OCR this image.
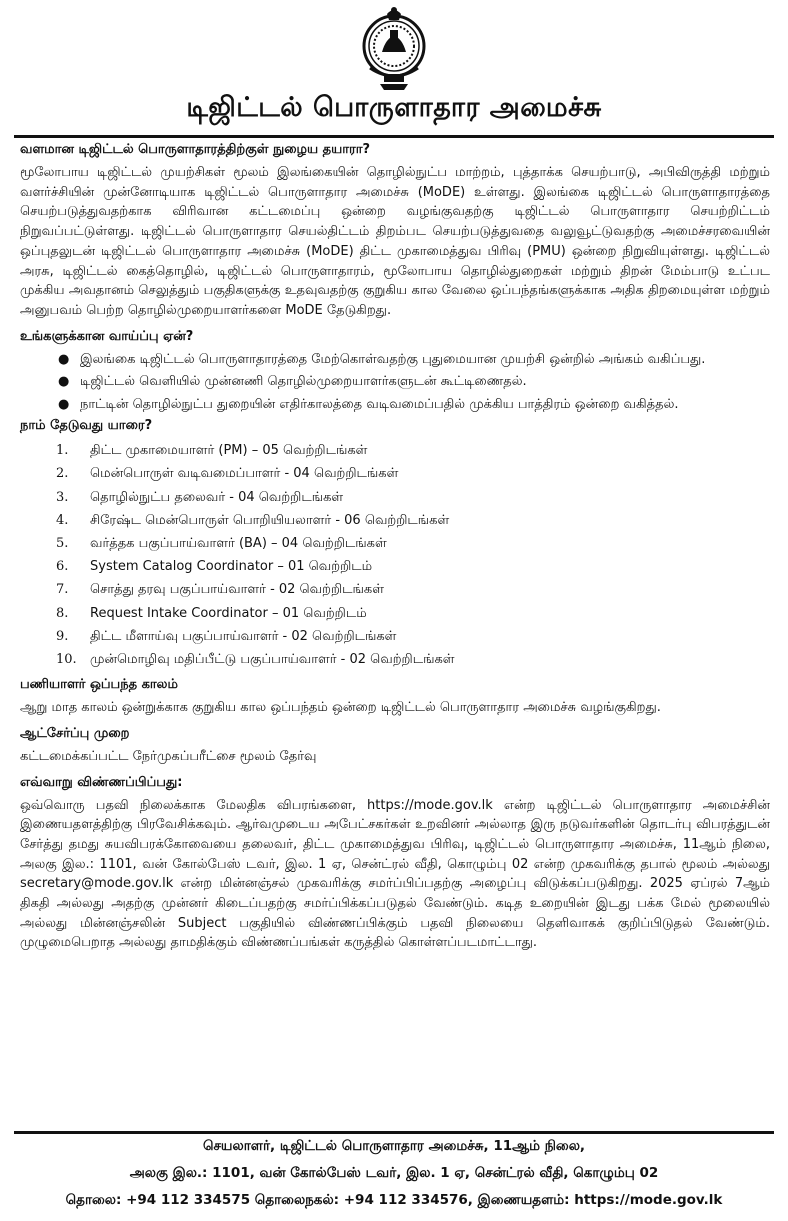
டிஜிட்டல் பொருளாதார அமைச்சு
வளமான டிஜிட்டல் பொருளாதாரத்திற்குள் நுழைய தயாரா?

மூலோபாய டிஜிட்டல் முயற்சிகள் மூலம் இலங்கையின் தொழில்நுட்ப மாற்றம், புத்தாக்க செயற்பாடு, அபிவிருத்தி மற்றும் வளர்ச்சியின் முன்னோடியாக டிஜிட்டல் பொருளாதார அமைச்சு (MoDE) உள்ளது. இலங்கை டிஜிட்டல் பொருளாதாரத்தை செயற்படுத்துவதற்காக விரிவான கட்டமைப்பு ஒன்றை வழங்குவதற்கு டிஜிட்டல் பொருளாதார செயற்றிட்டம் நிறுவப்பட்டுள்ளது. டிஜிட்டல் பொருளாதார செயல்திட்டம் திறம்பட செயற்படுத்துவதை வலுவூட்டுவதற்கு அமைச்சரவையின் ஒப்புதலுடன் டிஜிட்டல் பொருளாதார அமைச்சு (MoDE) திட்ட முகாமைத்துவ பிரிவு (PMU) ஒன்றை நிறுவியுள்ளது. டிஜிட்டல் அரசு, டிஜிட்டல் கைத்தொழில், டிஜிட்டல் பொருளாதாரம், மூலோபாய தொழில்துறைகள் மற்றும் திறன் மேம்பாடு உட்பட முக்கிய அவதானம் செலுத்தும் பகுதிகளுக்கு உதவுவதற்கு குறுகிய கால வேலை ஒப்பந்தங்களுக்காக அதிக திறமையுள்ள மற்றும் அனுபவம் பெற்ற தொழில்முறையாளர்களை MoDE தேடுகிறது.

உங்களுக்கான வாய்ப்பு ஏன்?
● இலங்கை டிஜிட்டல் பொருளாதாரத்தை மேற்கொள்வதற்கு புதுமையான முயற்சி ஒன்றில் அங்கம் வகிப்பது.
● டிஜிட்டல் வெளியில் முன்னணி தொழில்முறையாளர்களுடன் கூட்டிணைதல்.
● நாட்டின் தொழில்நுட்ப துறையின் எதிர்காலத்தை வடிவமைப்பதில் முக்கிய பாத்திரம் ஒன்றை வகித்தல்.
நாம் தேடுவது யாரை?
1.	திட்ட முகாமையாளர் (PM) – 05 வெற்றிடங்கள்
2.	மென்பொருள் வடிவமைப்பாளர் - 04 வெற்றிடங்கள்
3.	தொழில்நுட்ப தலைவர் - 04 வெற்றிடங்கள்
4.	சிரேஷ்ட மென்பொருள் பொறியியலாளர் - 06 வெற்றிடங்கள்
5.	வர்த்தக பகுப்பாய்வாளர் (BA) – 04 வெற்றிடங்கள்
6.	System Catalog Coordinator – 01 வெற்றிடம்
7.	சொத்து தரவு பகுப்பாய்வாளர் - 02 வெற்றிடங்கள்
8.	Request Intake Coordinator – 01 வெற்றிடம்
9.	திட்ட மீளாய்வு பகுப்பாய்வாளர் - 02 வெற்றிடங்கள்
10.	முன்மொழிவு மதிப்பீட்டு பகுப்பாய்வாளர் - 02 வெற்றிடங்கள்
பணியாளர் ஒப்பந்த காலம்

ஆறு மாத காலம் ஒன்றுக்காக குறுகிய கால ஒப்பந்தம் ஒன்றை டிஜிட்டல் பொருளாதார அமைச்சு வழங்குகிறது.

ஆட்சேர்ப்பு முறை

கட்டமைக்கப்பட்ட நேர்முகப்பரீட்சை மூலம் தேர்வு

எவ்வாறு விண்ணப்பிப்பது:

ஒவ்வொரு பதவி நிலைக்காக மேலதிக விபரங்களை, https://mode.gov.lk என்ற டிஜிட்டல் பொருளாதார அமைச்சின் இணையதளத்திற்கு பிரவேசிக்கவும். ஆர்வமுடைய அபேட்சகர்கள் உறவினர் அல்லாத இரு நடுவர்களின் தொடர்பு விபரத்துடன் சேர்த்து தமது சுயவிபரக்கோவையை தலைவர், திட்ட முகாமைத்துவ பிரிவு, டிஜிட்டல் பொருளாதார அமைச்சு, 11ஆம் நிலை, அலகு இல.: 1101, வன் கோல்பேஸ் டவர், இல. 1 ஏ, சென்ட்ரல் வீதி, கொழும்பு 02 என்ற முகவரிக்கு தபால் மூலம் அல்லது secretary@mode.gov.lk என்ற மின்னஞ்சல் முகவரிக்கு சமர்ப்பிப்பதற்கு அழைப்பு விடுக்கப்படுகிறது. 2025 ஏப்ரல் 7ஆம் திகதி அல்லது அதற்கு முன்னர் கிடைப்பதற்கு சமர்ப்பிக்கப்படுதல் வேண்டும். கடித உறையின் இடது பக்க மேல் மூலையில் அல்லது மின்னஞ்சலின் Subject பகுதியில் விண்ணப்பிக்கும் பதவி நிலையை தெளிவாகக் குறிப்பிடுதல் வேண்டும். முழுமைபெறாத அல்லது தாமதிக்கும் விண்ணப்பங்கள் கருத்தில் கொள்ளப்படமாட்டாது.

செயலாளர், டிஜிட்டல் பொருளாதார அமைச்சு, 11ஆம் நிலை,
அலகு இல.: 1101, வன் கோல்பேஸ் டவர், இல. 1 ஏ, சென்ட்ரல் வீதி, கொழும்பு 02
தொலை: +94 112 334575 தொலைநகல்: +94 112 334576, இணையதளம்: https://mode.gov.lk
